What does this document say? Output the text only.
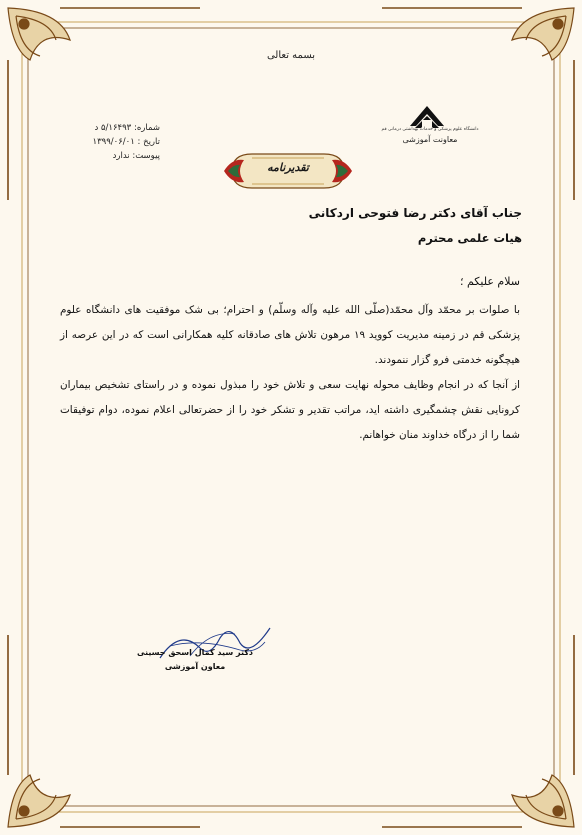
بسمه تعالی
دانشگاه علوم پزشکی و خدمات بهداشتی درمانی قم
معاونت آموزشی
شماره: ۵/۱۶۴۹۳ د
تاریخ : ۱۳۹۹/۰۶/۰۱
پیوست: ندارد
تقدیرنامه
جناب آقای دکتر رضا فتوحی اردکانی
هیات علمی محترم
سلام علیکم ؛

با صلوات بر محمّد وآل محمّد(صلّی الله علیه وآله وسلّم) و احترام؛ بی شک موفقیت های دانشگاه علوم پزشکی قم در زمینه مدیریت کووید ۱۹ مرهون تلاش های صادقانه کلیه همکارانی است که در این عرصه از هیچگونه خدمتی فرو گزار ننمودند.

از آنجا که در انجام وظایف محوله نهایت سعی و تلاش خود را مبذول نموده و در راستای تشخیص بیماران کرونایی نقش چشمگیری داشته اید، مراتب تقدیر و تشکر خود را از حضرتعالی اعلام نموده، دوام توفیقات شما را از درگاه خداوند منان خواهانم.

دکتر سید کمال اسحق حسینی
معاون آموزشی
